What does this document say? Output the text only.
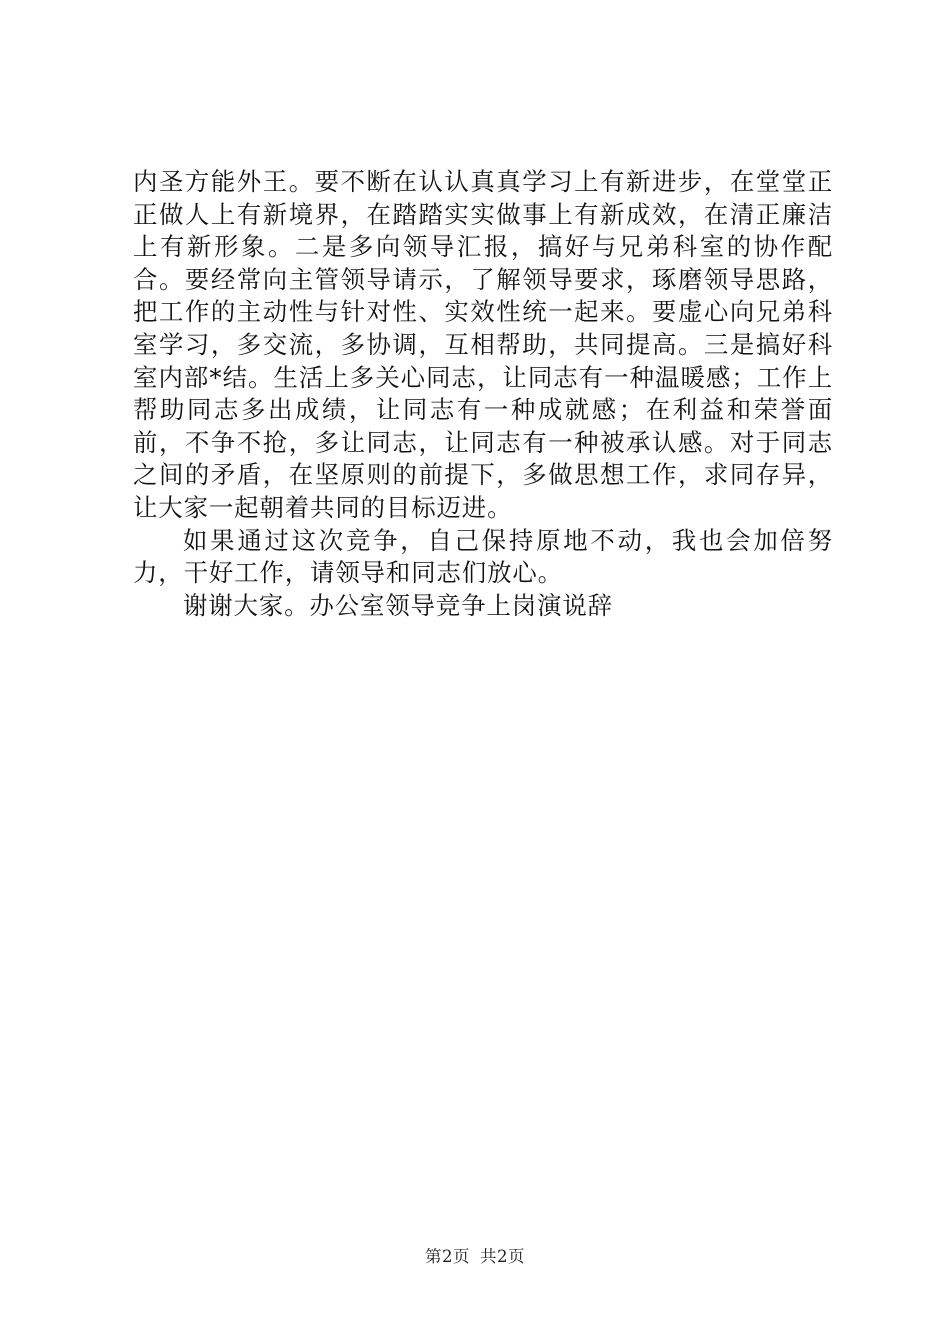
内圣方能外王。要不断在认认真真学习上有新进步，在堂堂正正做人上有新境界，在踏踏实实做事上有新成效，在清正廉洁上有新形象。二是多向领导汇报，搞好与兄弟科室的协作配合。要经常向主管领导请示，了解领导要求，琢磨领导思路，把工作的主动性与针对性、实效性统一起来。要虚心向兄弟科室学习，多交流，多协调，互相帮助，共同提高。三是搞好科室内部*结。生活上多关心同志，让同志有一种温暖感；工作上帮助同志多出成绩，让同志有一种成就感；在利益和荣誉面前，不争不抢，多让同志，让同志有一种被承认感。对于同志之间的矛盾，在坚原则的前提下，多做思想工作，求同存异，让大家一起朝着共同的目标迈进。

如果通过这次竞争，自己保持原地不动，我也会加倍努力，干好工作，请领导和同志们放心。

谢谢大家。办公室领导竞争上岗演说辞

第2页 共2页
